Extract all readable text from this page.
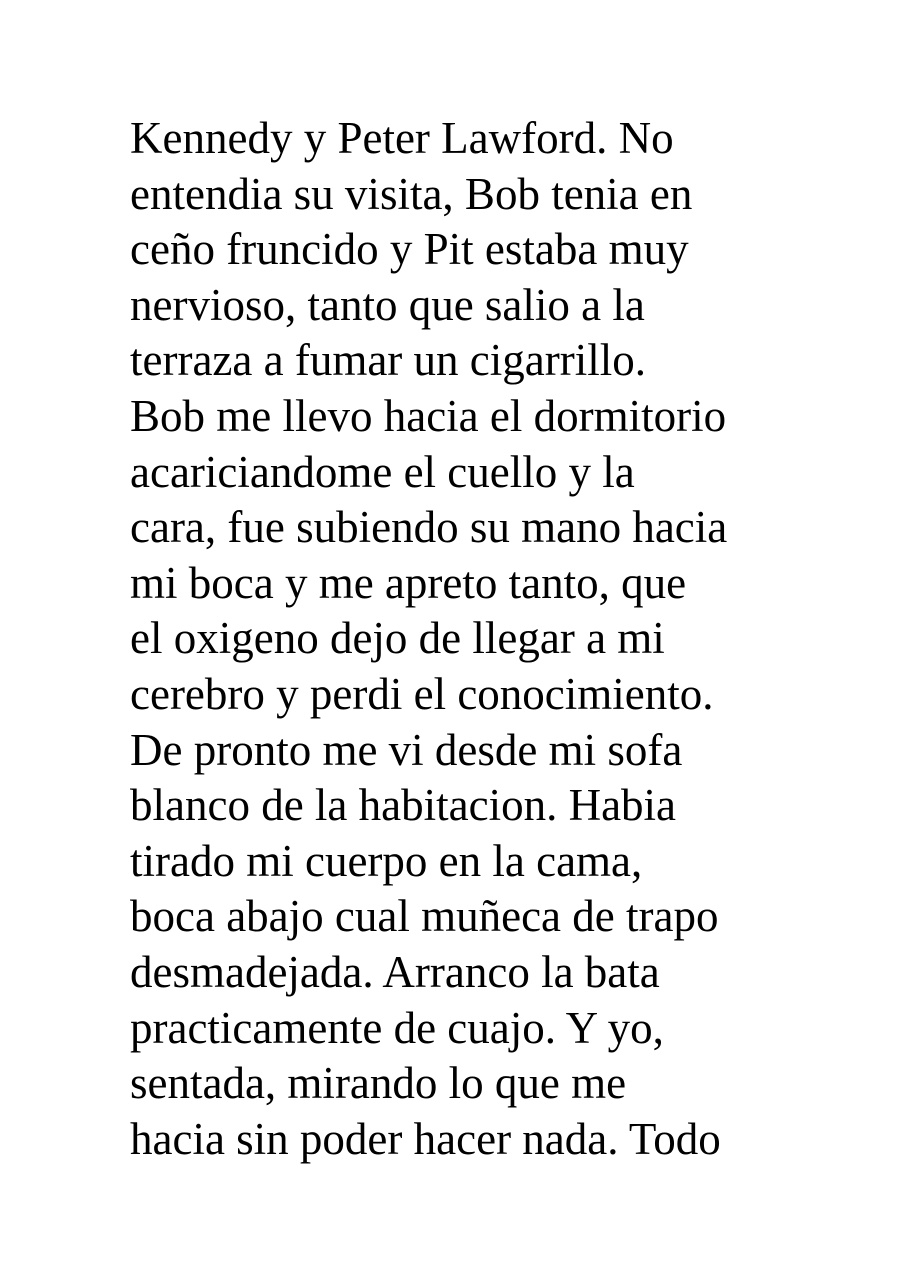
Kennedy y Peter Lawford. No
entendia su visita, Bob tenia en
ceño fruncido y Pit estaba muy
nervioso, tanto que salio a la
terraza a fumar un cigarrillo.
Bob me llevo hacia el dormitorio
acariciandome el cuello y la
cara, fue subiendo su mano hacia
mi boca y me apreto tanto, que
el oxigeno dejo de llegar a mi
cerebro y perdi el conocimiento.
De pronto me vi desde mi sofa
blanco de la habitacion. Habia
tirado mi cuerpo en la cama,
boca abajo cual muñeca de trapo
desmadejada. Arranco la bata
practicamente de cuajo. Y yo,
sentada, mirando lo que me
hacia sin poder hacer nada. Todo
